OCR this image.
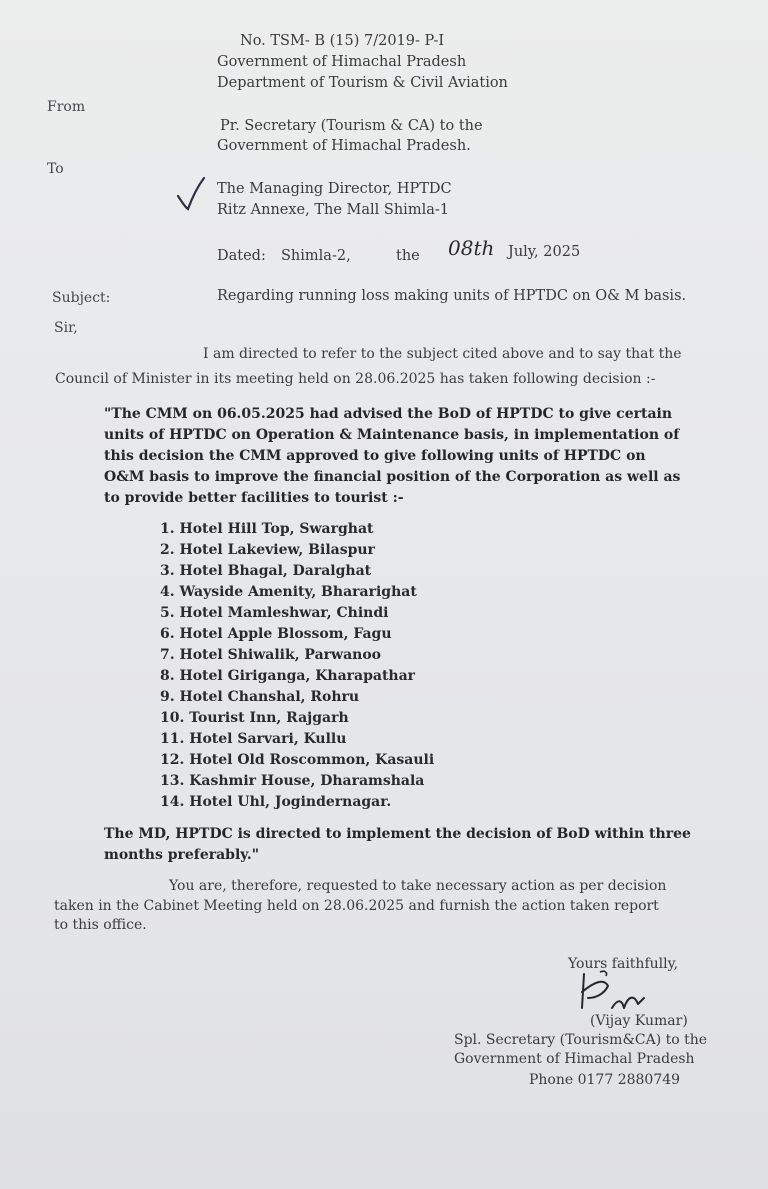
No. TSM- B (15) 7/2019- P-I
Government of Himachal Pradesh
Department of Tourism & Civil Aviation
From
Pr. Secretary (Tourism & CA) to the
Government of Himachal Pradesh.
To
The Managing Director, HPTDC
Ritz Annexe, The Mall Shimla-1
Dated: Shimla-2,	the 08th July, 2025
Subject:	Regarding running loss making units of HPTDC on O& M basis.
Sir,
I am directed to refer to the subject cited above and to say that the
Council of Minister in its meeting held on 28.06.2025 has taken following decision :-
"The CMM on 06.05.2025 had advised the BoD of HPTDC to give certain
units of HPTDC on Operation & Maintenance basis, in implementation of
this decision the CMM approved to give following units of HPTDC on
O&M basis to improve the financial position of the Corporation as well as
to provide better facilities to tourist :-
1. Hotel Hill Top, Swarghat
2. Hotel Lakeview, Bilaspur
3. Hotel Bhagal, Daralghat
4. Wayside Amenity, Bhararighat
5. Hotel Mamleshwar, Chindi
6. Hotel Apple Blossom, Fagu
7. Hotel Shiwalik, Parwanoo
8. Hotel Giriganga, Kharapathar
9. Hotel Chanshal, Rohru
10. Tourist Inn, Rajgarh
11. Hotel Sarvari, Kullu
12. Hotel Old Roscommon, Kasauli
13. Kashmir House, Dharamshala
14. Hotel Uhl, Jogindernagar.
The MD, HPTDC is directed to implement the decision of BoD within three
months preferably."
You are, therefore, requested to take necessary action as per decision
taken in the Cabinet Meeting held on 28.06.2025 and furnish the action taken report
to this office.
Yours faithfully,
(Vijay Kumar)
Spl. Secretary (Tourism&CA) to the
Government of Himachal Pradesh
Phone 0177 2880749
